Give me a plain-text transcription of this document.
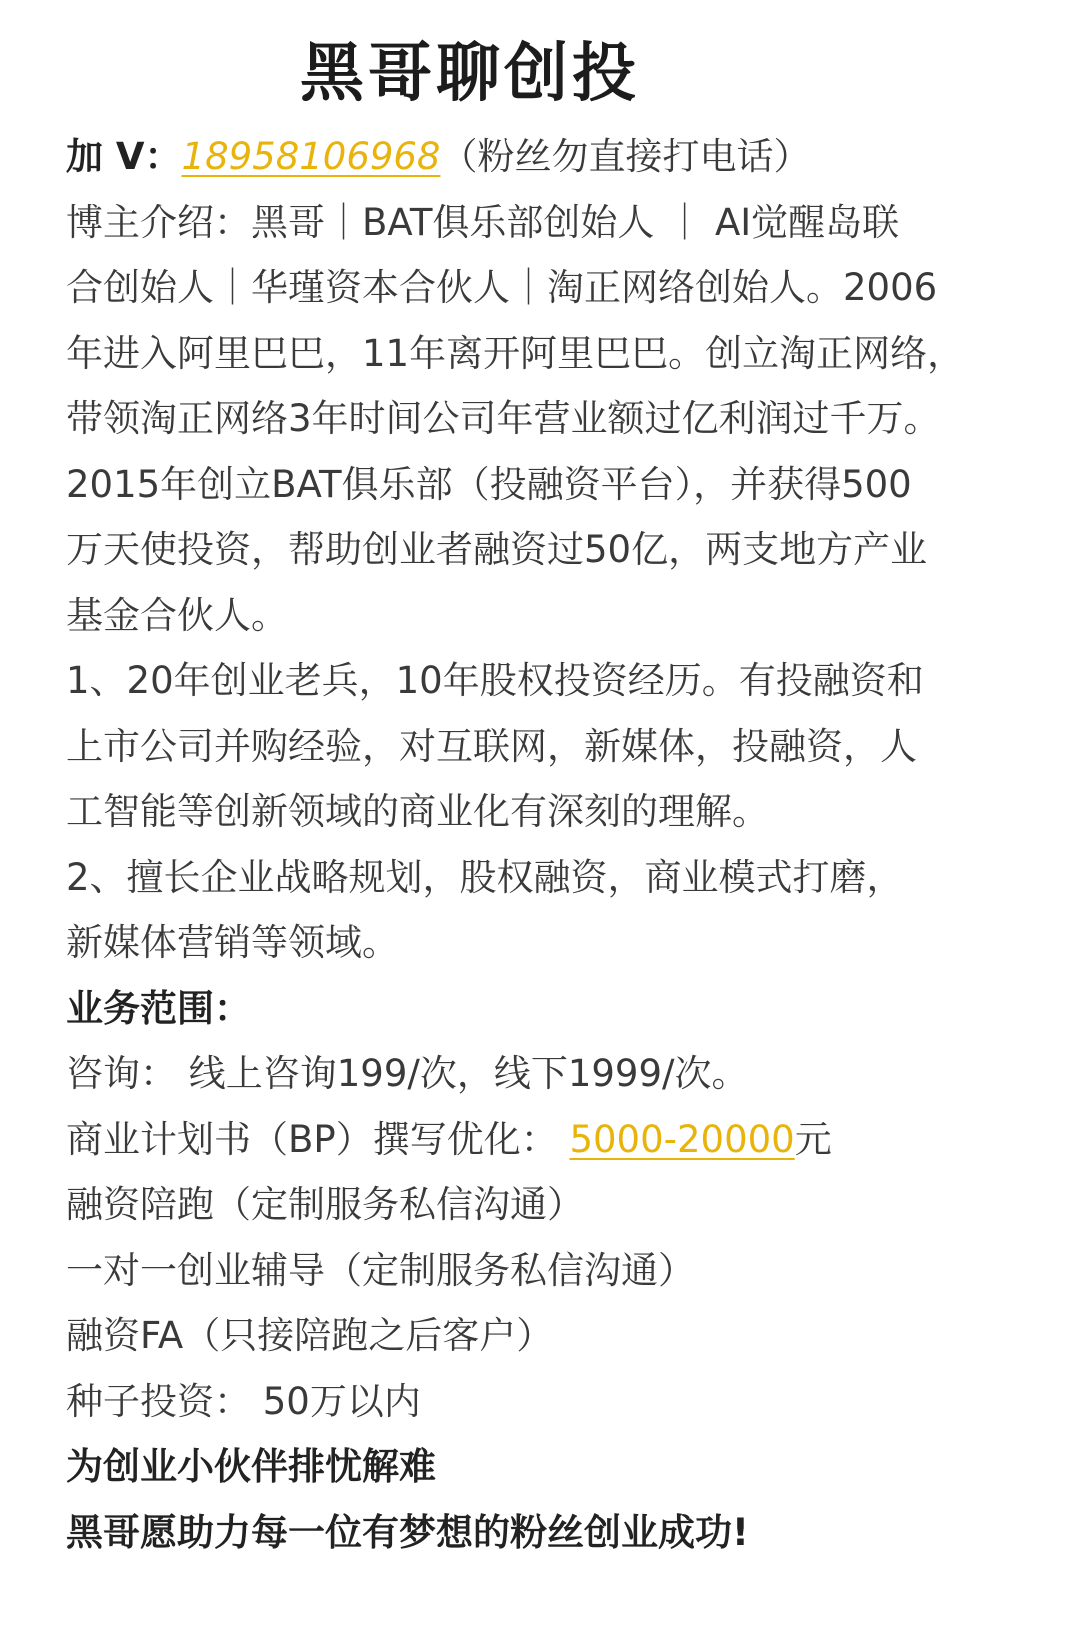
黑哥聊创投
加 V：18958106968（粉丝勿直接打电话）
博主介绍：黑哥｜BAT俱乐部创始人 ｜ AI觉醒岛联
合创始人｜华瑾资本合伙人｜淘正网络创始人。2006
年进入阿里巴巴，11年离开阿里巴巴。创立淘正网络，
带领淘正网络3年时间公司年营业额过亿利润过千万。
2015年创立BAT俱乐部（投融资平台），并获得500
万天使投资，帮助创业者融资过50亿，两支地方产业
基金合伙人。
1、20年创业老兵，10年股权投资经历。有投融资和
上市公司并购经验，对互联网，新媒体，投融资，人
工智能等创新领域的商业化有深刻的理解。
2、擅长企业战略规划，股权融资，商业模式打磨，
新媒体营销等领域。
业务范围：
咨询： 线上咨询199/次，线下1999/次。
商业计划书（BP）撰写优化： 5000-20000元
融资陪跑（定制服务私信沟通）
一对一创业辅导（定制服务私信沟通）
融资FA（只接陪跑之后客户）
种子投资： 50万以内
为创业小伙伴排忧解难
黑哥愿助力每一位有梦想的粉丝创业成功!
